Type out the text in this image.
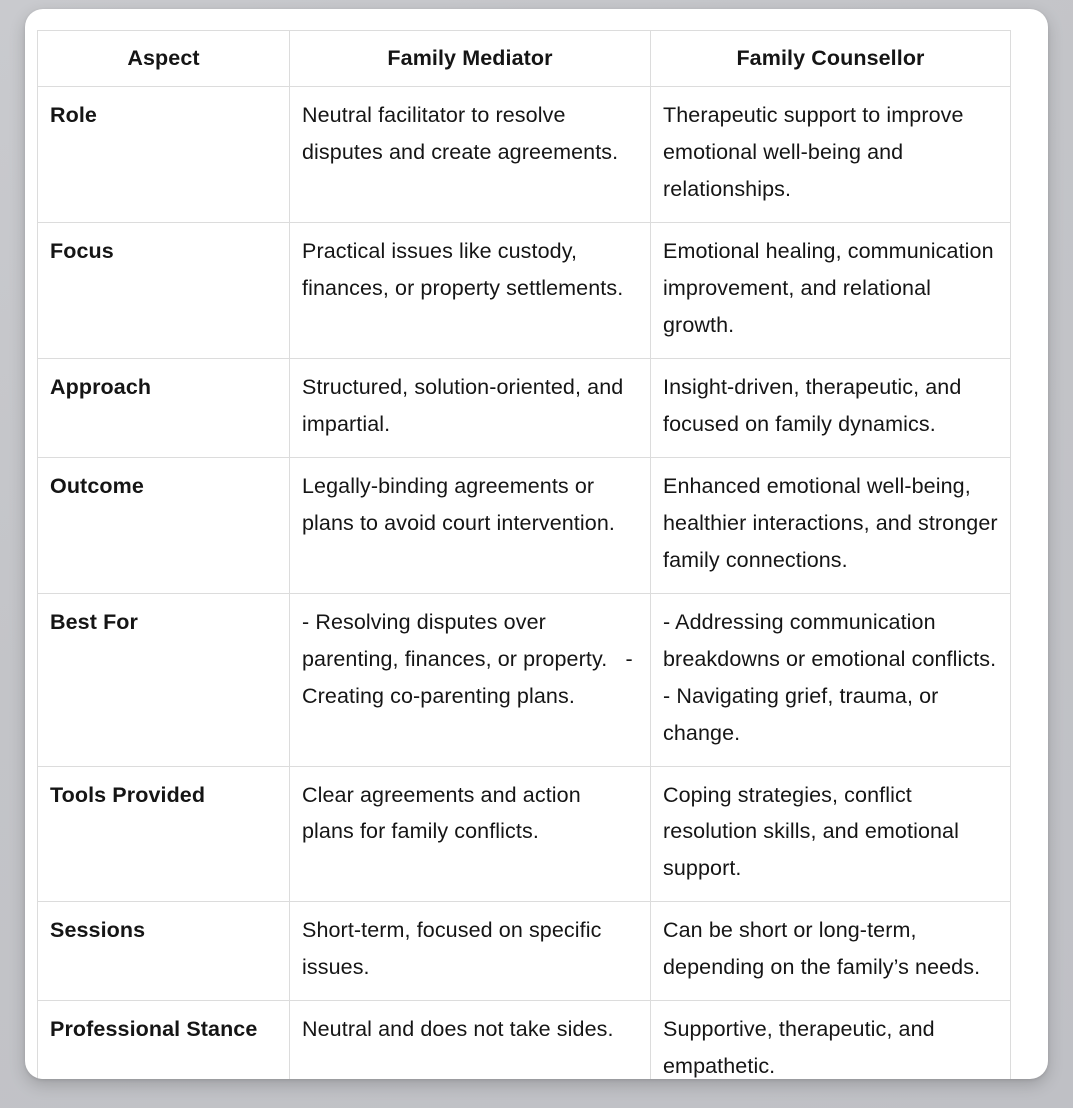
Aspect	Family Mediator	Family Counsellor
Role	Neutral facilitator to resolve disputes and create agreements.	Therapeutic support to improve emotional well-being and relationships.
Focus	Practical issues like custody, finances, or property settlements.	Emotional healing, communication improvement, and relational growth.
Approach	Structured, solution-oriented, and impartial.	Insight-driven, therapeutic, and focused on family dynamics.
Outcome	Legally-binding agreements or plans to avoid court intervention.	Enhanced emotional well-being, healthier interactions, and stronger family connections.
Best For	- Resolving disputes over parenting, finances, or property.   - Creating co-parenting plans.	- Addressing communication breakdowns or emotional conflicts.   - Navigating grief, trauma, or change.
Tools Provided	Clear agreements and action plans for family conflicts.	Coping strategies, conflict resolution skills, and emotional support.
Sessions	Short-term, focused on specific issues.	Can be short or long-term, depending on the family’s needs.
Professional Stance	Neutral and does not take sides.	Supportive, therapeutic, and empathetic.
